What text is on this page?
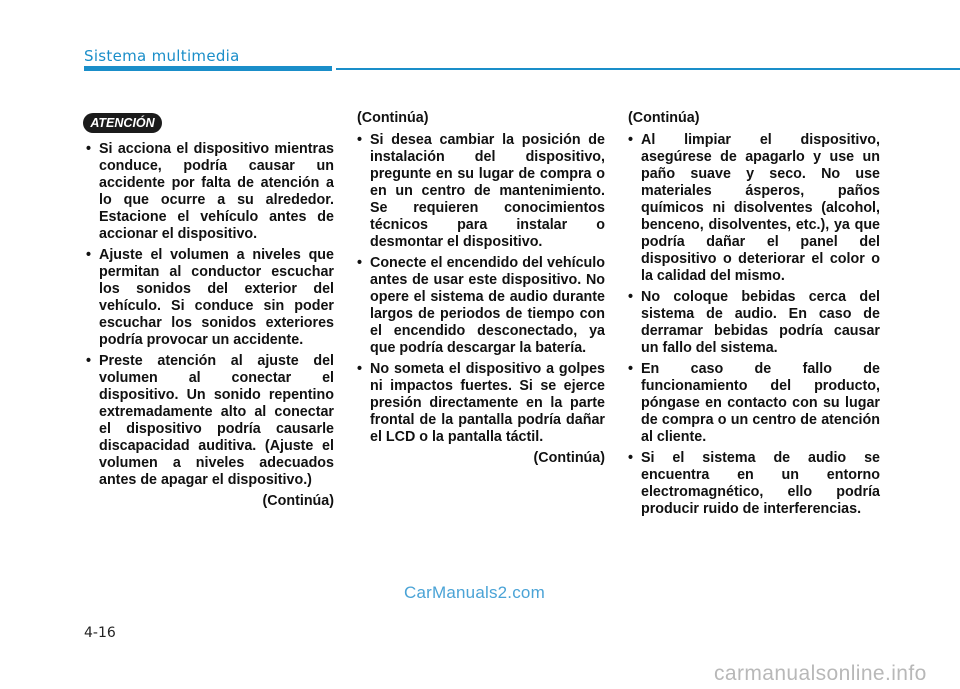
Sistema multimedia
ATENCIÓN
• Si acciona el dispositivo mientras conduce, podría causar un accidente por falta de atención a lo que ocurre a su alrededor. Estacione el vehículo antes de accionar el dispositivo.
• Ajuste el volumen a niveles que permitan al conductor escuchar los sonidos del exterior del vehículo. Si conduce sin poder escuchar los sonidos exteriores podría provocar un accidente.
• Preste atención al ajuste del volumen al conectar el dispositivo. Un sonido repentino extremadamente alto al conectar el dispositivo podría causarle discapacidad auditiva. (Ajuste el volumen a niveles adecuados antes de apagar el dispositivo.)
(Continúa)
(Continúa)
• Si desea cambiar la posición de instalación del dispositivo, pregunte en su lugar de compra o en un centro de mantenimiento. Se requieren conocimientos técnicos para instalar o desmontar el dispositivo.
• Conecte el encendido del vehículo antes de usar este dispositivo. No opere el sistema de audio durante largos de periodos de tiempo con el encendido desconectado, ya que podría descargar la batería.
• No someta el dispositivo a golpes ni impactos fuertes. Si se ejerce presión directamente en la parte frontal de la pantalla podría dañar el LCD o la pantalla táctil.
(Continúa)
(Continúa)
• Al limpiar el dispositivo, asegúrese de apagarlo y use un paño suave y seco. No use materiales ásperos, paños químicos ni disolventes (alcohol, benceno, disolventes, etc.), ya que podría dañar el panel del dispositivo o deteriorar el color o la calidad del mismo.
• No coloque bebidas cerca del sistema de audio. En caso de derramar bebidas podría causar un fallo del sistema.
• En caso de fallo de funcionamiento del producto, póngase en contacto con su lugar de compra o un centro de atención al cliente.
• Si el sistema de audio se encuentra en un entorno electromagnético, ello podría producir ruido de interferencias.
CarManuals2.com
4-16
carmanualsonline.info
